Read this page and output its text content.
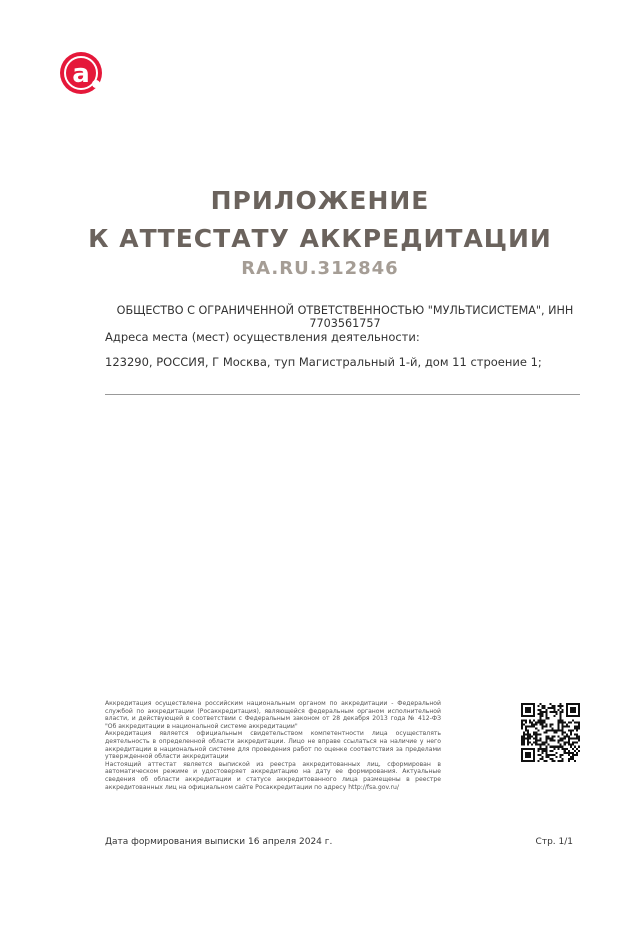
a
ПРИЛОЖЕНИЕ
К АТТЕСТАТУ АККРЕДИТАЦИИ
RA.RU.312846
ОБЩЕСТВО С ОГРАНИЧЕННОЙ ОТВЕТСТВЕННОСТЬЮ "МУЛЬТИСИСТЕМА", ИНН 7703561757
Адреса места (мест) осуществления деятельности:
123290, РОССИЯ, Г Москва, туп Магистральный 1-й, дом 11 строение 1;

Аккредитация осуществлена российским национальным органом по аккредитации - Федеральной службой по аккредитации (Росаккредитация), являющейся федеральным органом исполнительной власти, и действующей в соответствии с Федеральным законом от 28 декабря 2013 года № 412-ФЗ "Об аккредитации в национальной системе аккредитации"

Аккредитация является официальным свидетельством компетентности лица осуществлять деятельность в определенной области аккредитации. Лицо не вправе ссылаться на наличие у него аккредитации в национальной системе для проведения работ по оценке соответствия за пределами утвержденной области аккредитации

Настоящий аттестат является выпиской из реестра аккредитованных лиц, сформирован в автоматическом режиме и удостоверяет аккредитацию на дату ее формирования. Актуальные сведения об области аккредитации и статусе аккредитованного лица размещены в реестре аккредитованных лиц на официальном сайте Росаккредитации по адресу http://fsa.gov.ru/

Дата формирования выписки 16 апреля 2024 г.	Стр. 1/1
